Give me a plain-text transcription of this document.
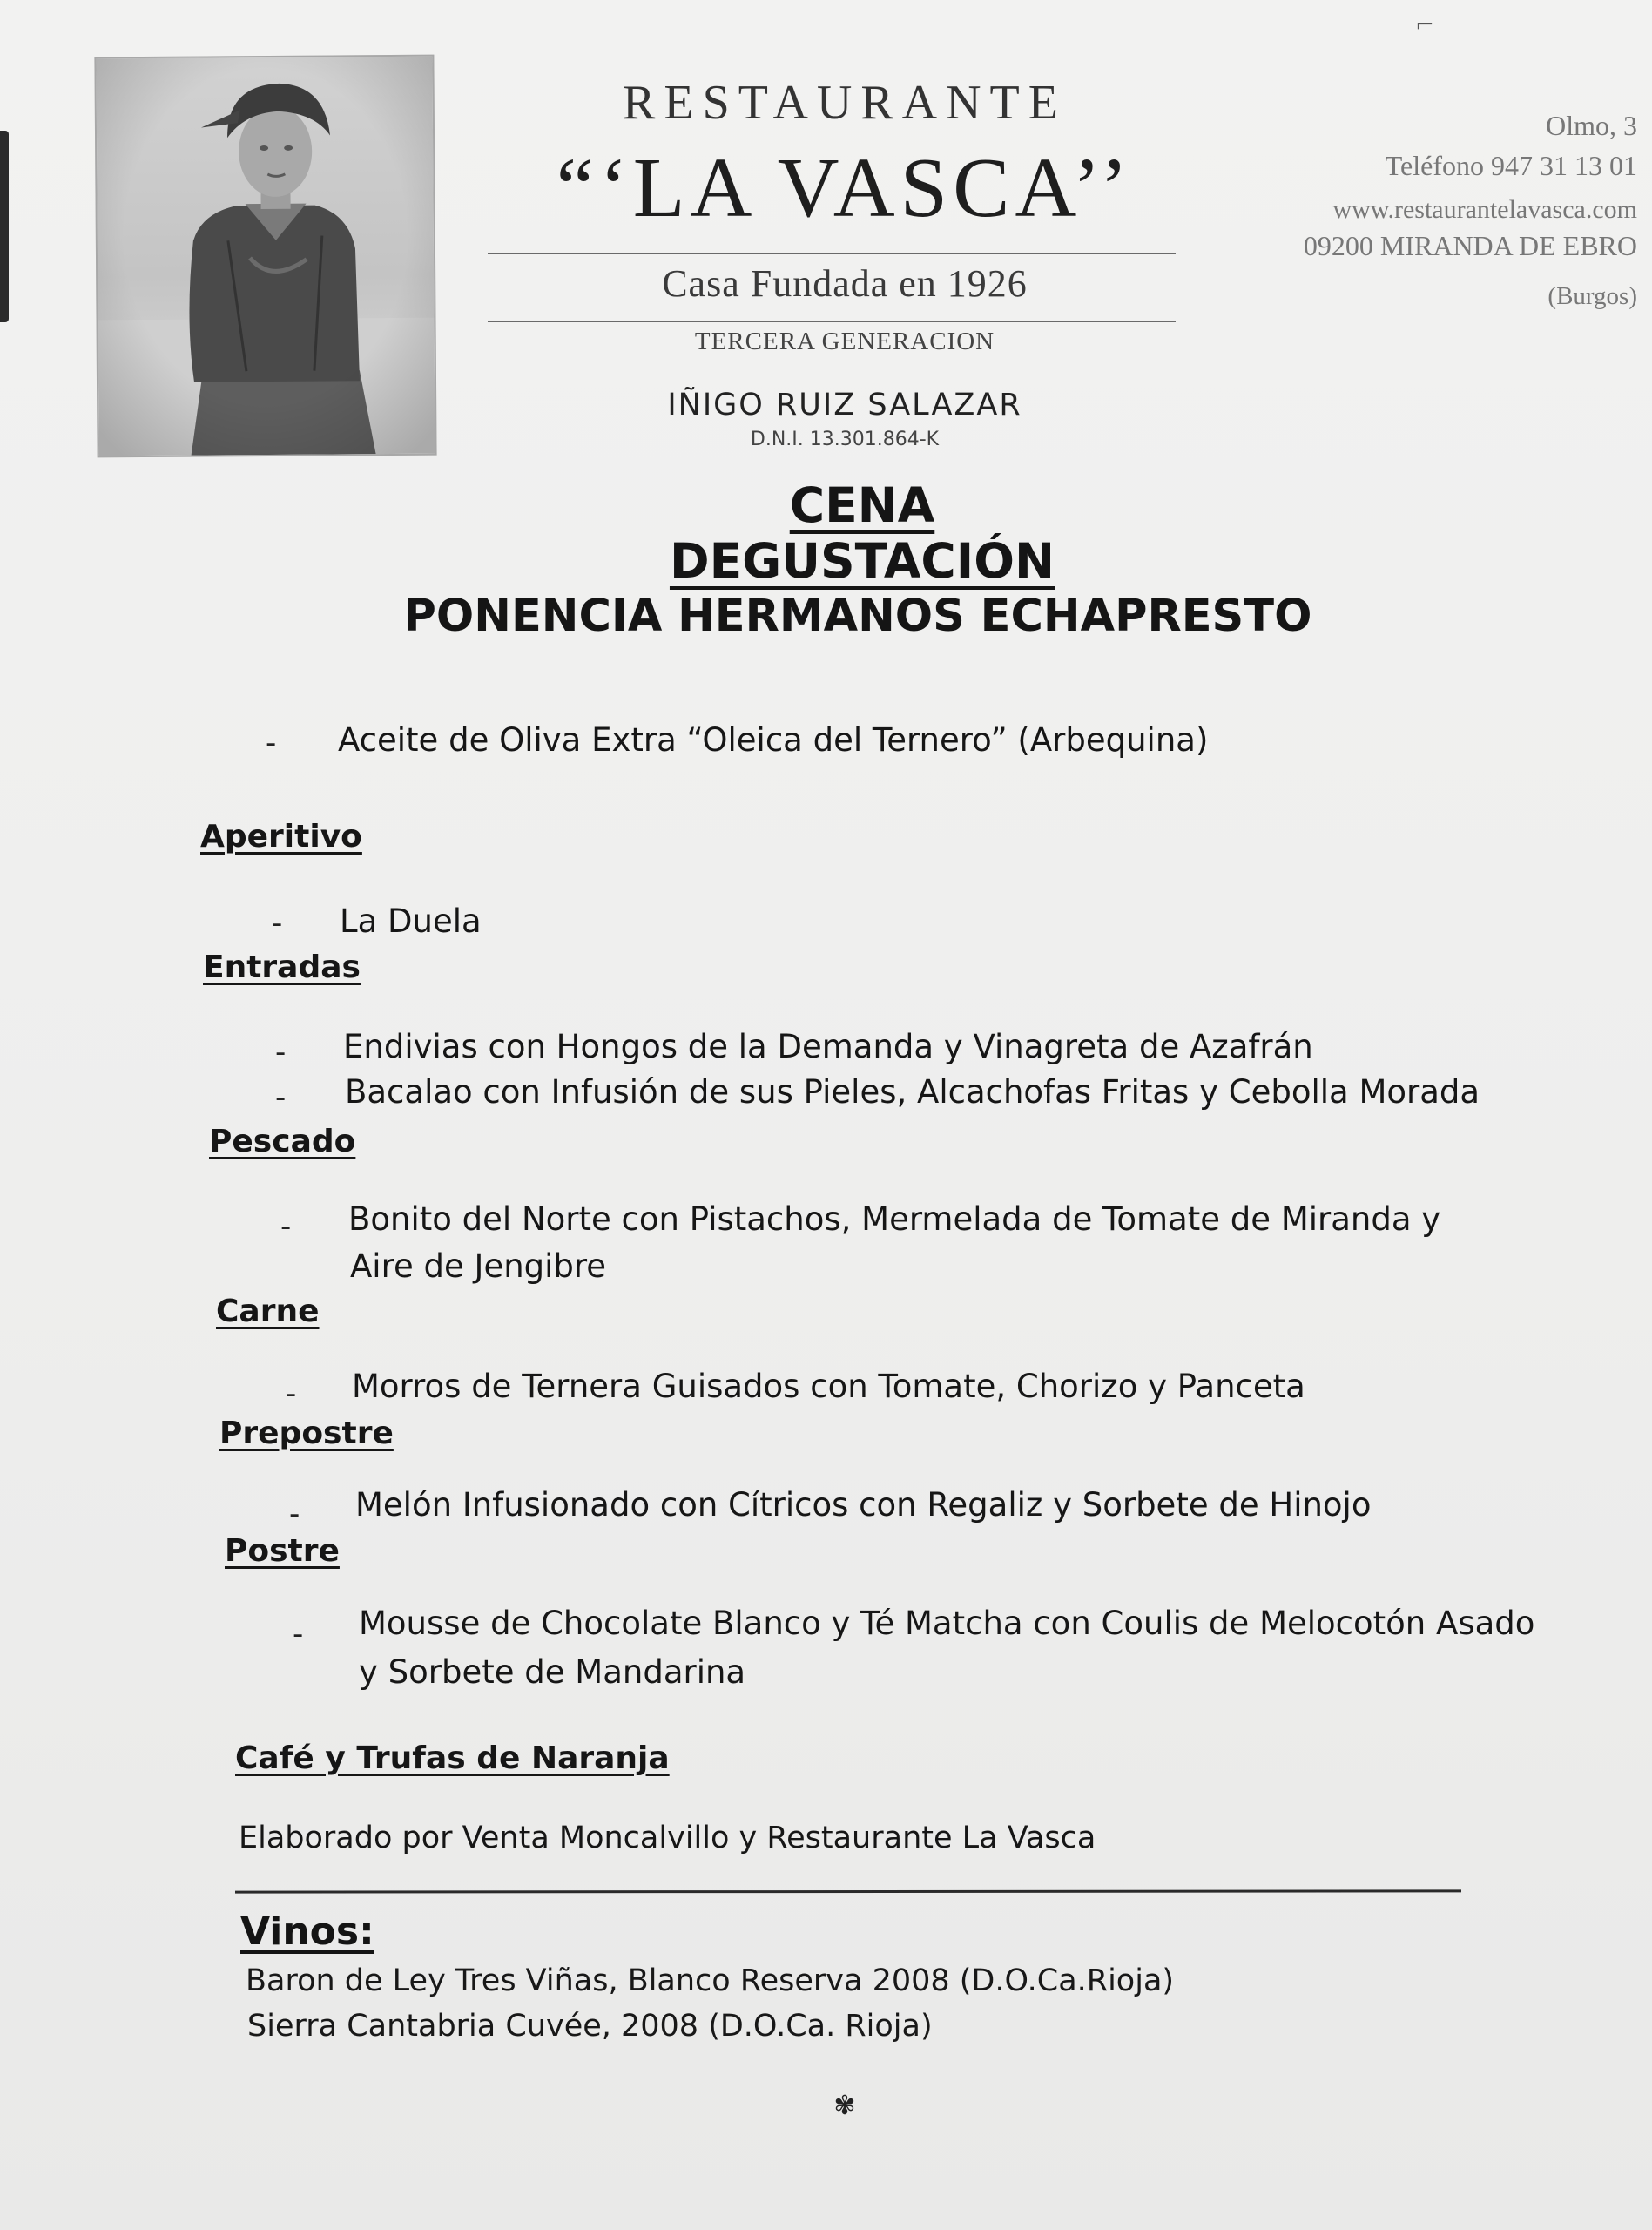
⌐
RESTAURANTE
“‘LA VASCA’’
Casa Fundada en 1926
TERCERA GENERACION
IÑIGO RUIZ SALAZAR
D.N.I. 13.301.864-K
Olmo, 3
Teléfono 947 31 13 01
www.restaurantelavasca.com
09200 MIRANDA DE EBRO
(Burgos)
CENA DEGUSTACIÓN
PONENCIA HERMANOS ECHAPRESTO
- Aceite de Oliva Extra “Oleica del Ternero” (Arbequina)
Aperitivo
- La Duela
Entradas
- Endivias con Hongos de la Demanda y Vinagreta de Azafrán
- Bacalao con Infusión de sus Pieles, Alcachofas Fritas y Cebolla Morada
Pescado
- Bonito del Norte con Pistachos, Mermelada de Tomate de Miranda y
Aire de Jengibre
Carne
- Morros de Ternera Guisados con Tomate, Chorizo y Panceta
Prepostre
- Melón Infusionado con Cítricos con Regaliz y Sorbete de Hinojo
Postre
- Mousse de Chocolate Blanco y Té Matcha con Coulis de Melocotón Asado
y Sorbete de Mandarina
Café y Trufas de Naranja
Elaborado por Venta Moncalvillo y Restaurante La Vasca
Vinos:
Baron de Ley Tres Viñas, Blanco Reserva 2008 (D.O.Ca.Rioja)
Sierra Cantabria Cuvée, 2008 (D.O.Ca. Rioja)
✾
